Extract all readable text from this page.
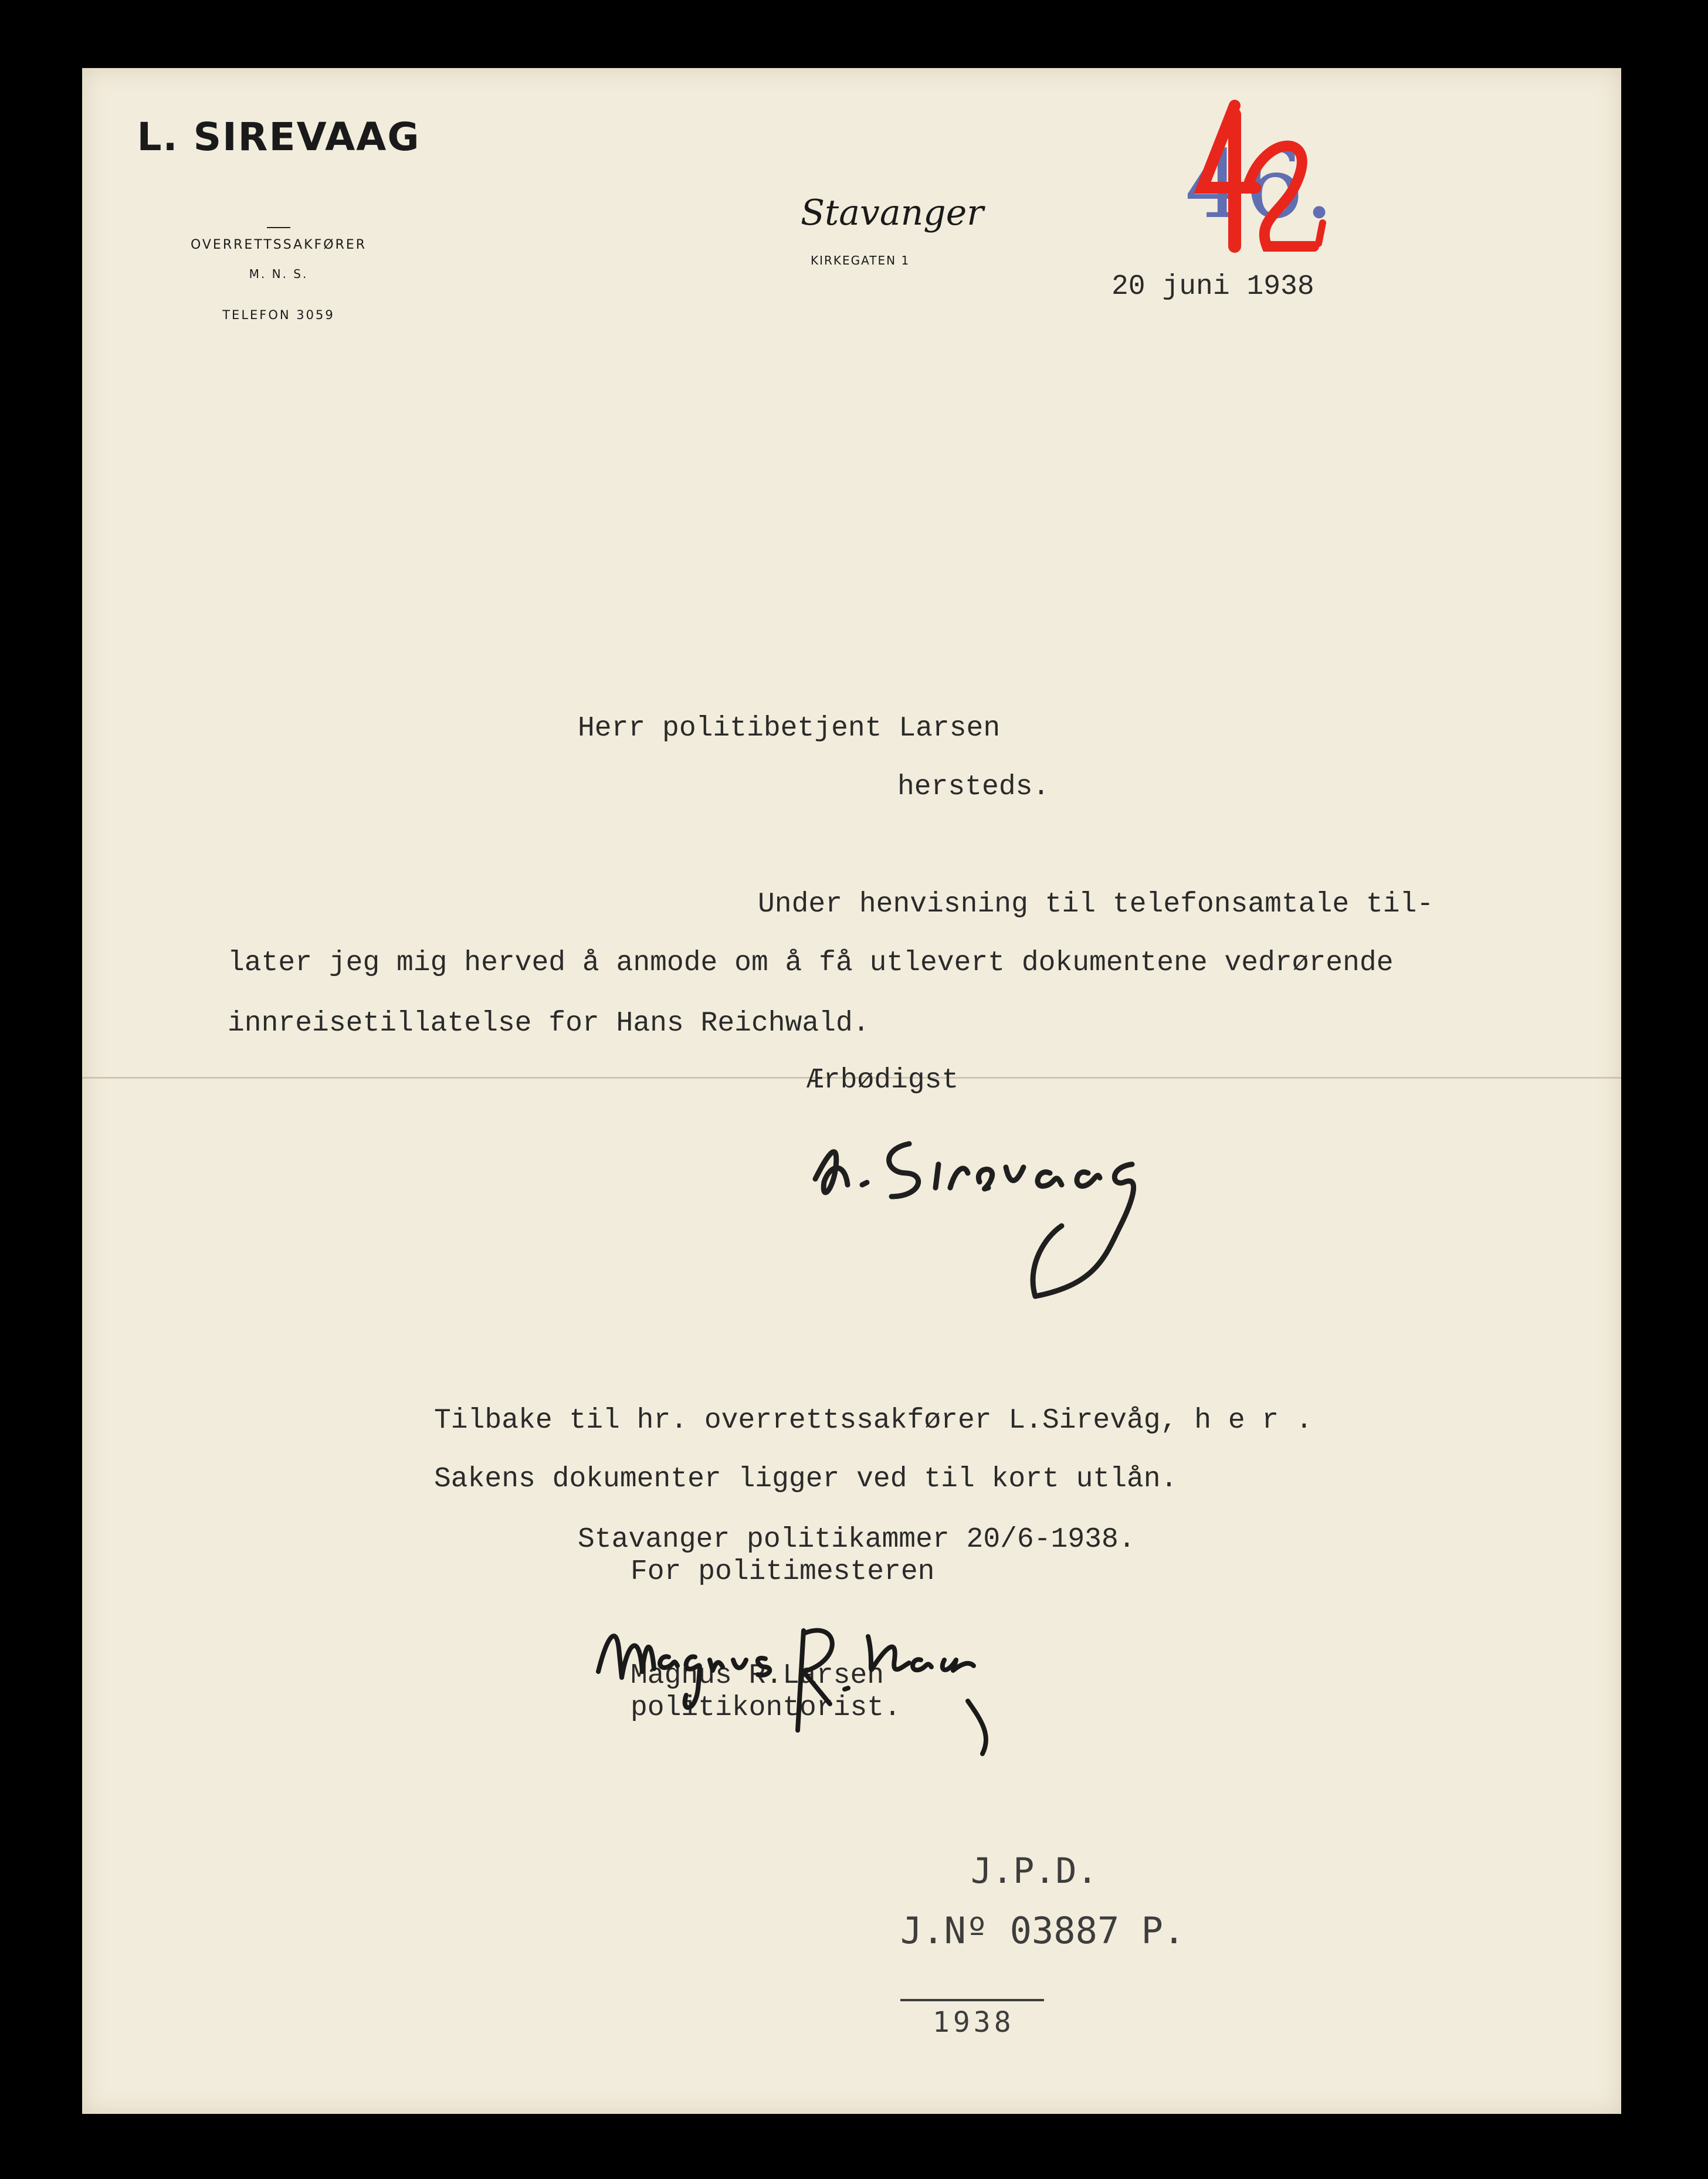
L. SIREVAAG
OVERRETTSSAKFØRER
M. N. S.
TELEFON 3059
Stavanger
KIRKEGATEN 1
20 juni 1938
46.
Herr politibetjent Larsen
hersteds.
Under henvisning til telefonsamtale til-
later jeg mig herved å anmode om å få utlevert dokumentene vedrørende
innreisetillatelse for Hans Reichwald.
Ærbødigst
Tilbake til hr. overrettssakfører L.Sirevåg, h e r .
Sakens dokumenter ligger ved til kort utlån.
Stavanger politikammer 20/6-1938.
For politimesteren
Magnus R.Larsen
politikontorist.
J.P.D.
J.Nº 03887 P.
1938
